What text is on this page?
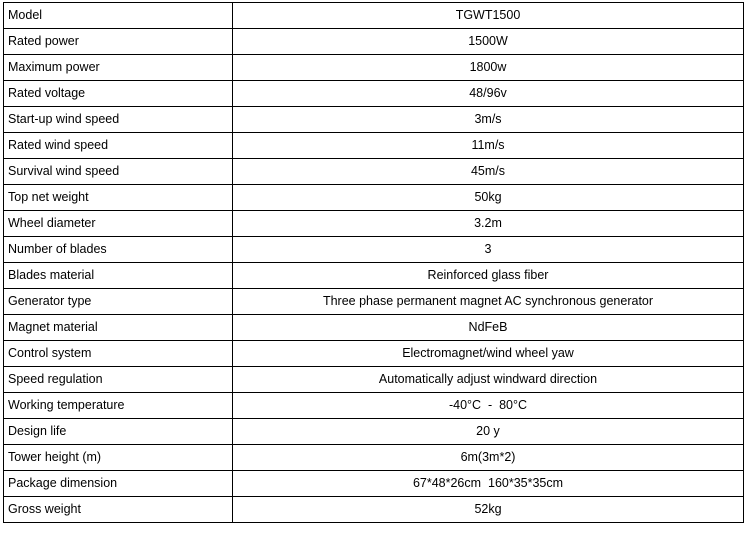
Model	TGWT1500
Rated power	1500W
Maximum power	1800w
Rated voltage	48/96v
Start-up wind speed	3m/s
Rated wind speed	11m/s
Survival wind speed	45m/s
Top net weight	50kg
Wheel diameter	3.2m
Number of blades	3
Blades material	Reinforced glass fiber
Generator type	Three phase permanent magnet AC synchronous generator
Magnet material	NdFeB
Control system	Electromagnet/wind wheel yaw
Speed regulation	Automatically adjust windward direction
Working temperature	-40°C  -  80°C
Design life	20 y
Tower height (m)	6m(3m*2)
Package dimension	67*48*26cm  160*35*35cm
Gross weight	52kg
